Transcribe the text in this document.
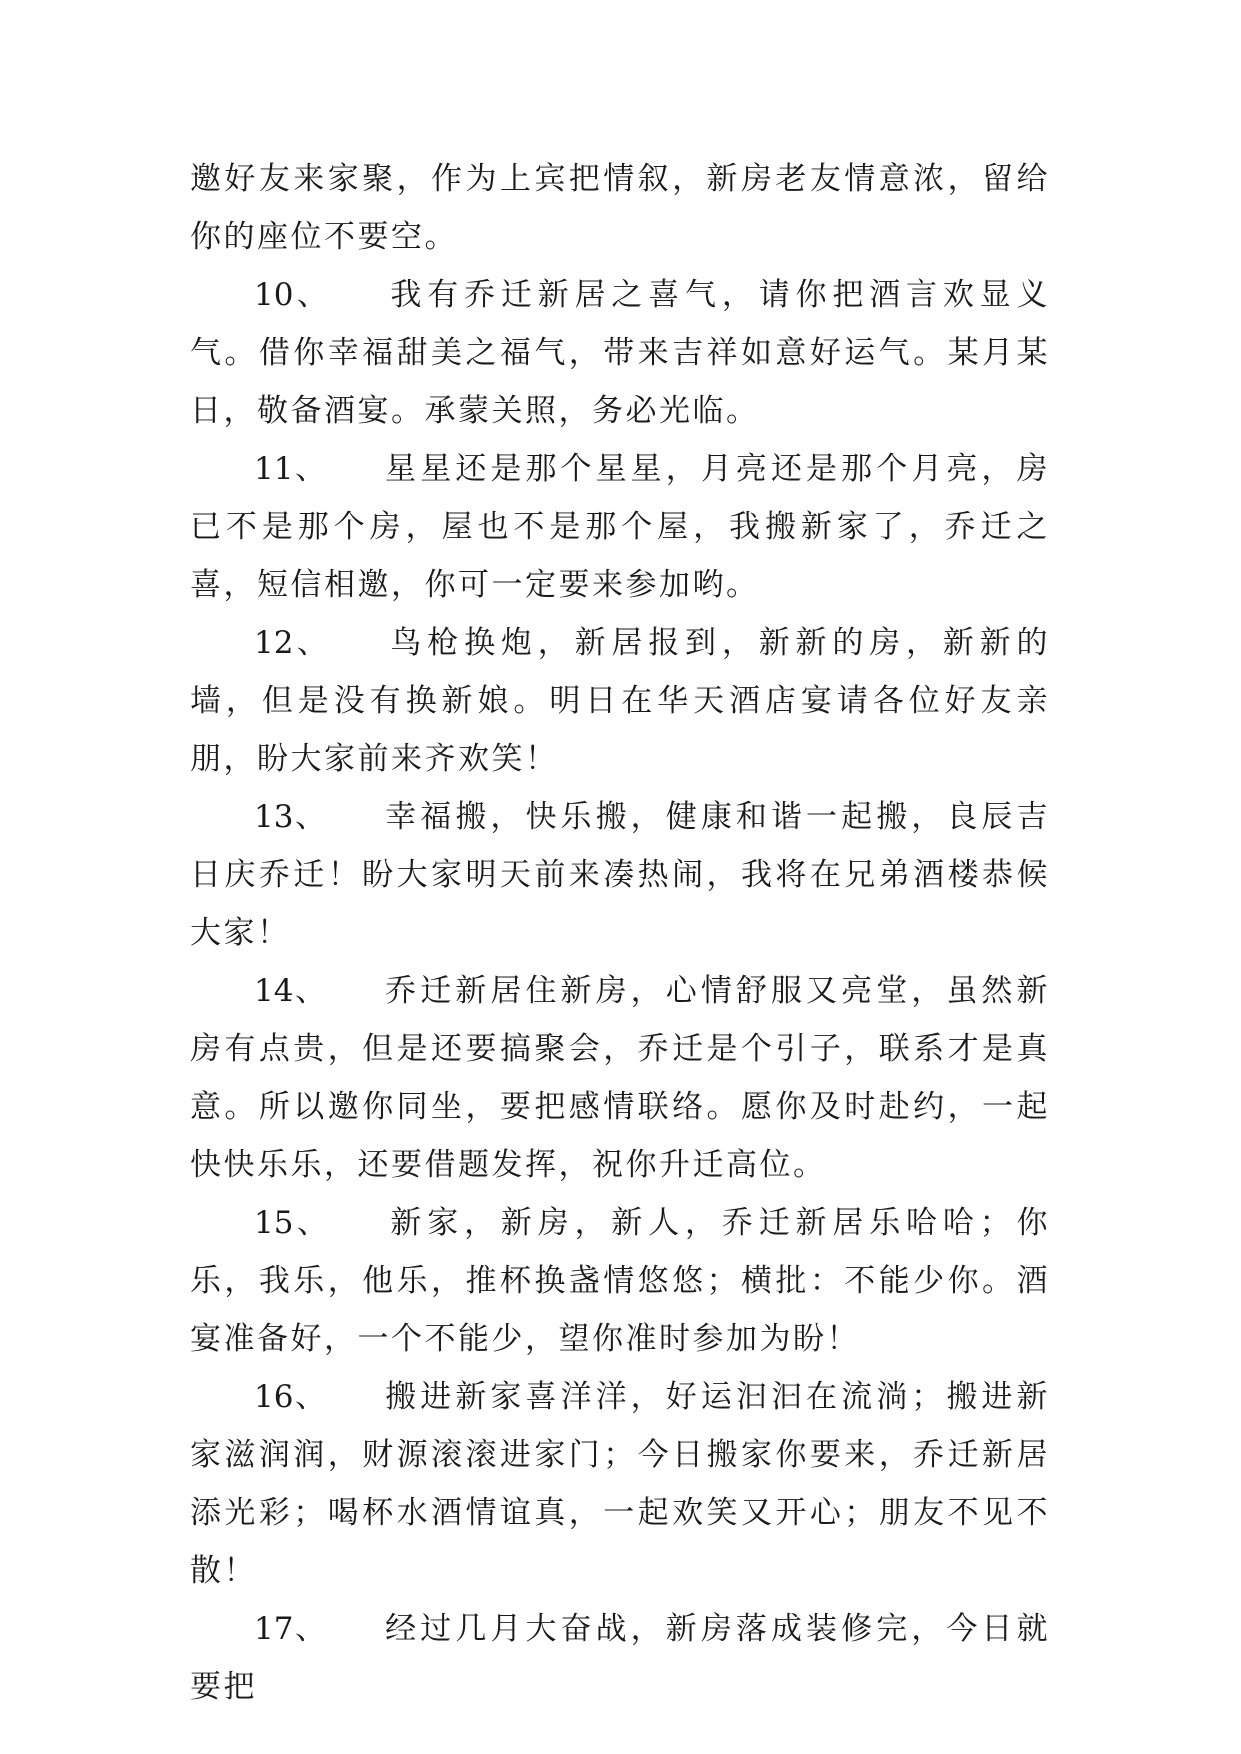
邀好友来家聚，作为上宾把情叙，新房老友情意浓，留给你的座位不要空。

10、 我有乔迁新居之喜气，请你把酒言欢显义气。借你幸福甜美之福气，带来吉祥如意好运气。某月某日，敬备酒宴。承蒙关照，务必光临。

11、 星星还是那个星星，月亮还是那个月亮，房已不是那个房，屋也不是那个屋，我搬新家了，乔迁之喜，短信相邀，你可一定要来参加哟。

12、 鸟枪换炮，新居报到，新新的房，新新的墙，但是没有换新娘。明日在华天酒店宴请各位好友亲朋，盼大家前来齐欢笑！

13、 幸福搬，快乐搬，健康和谐一起搬，良辰吉日庆乔迁！盼大家明天前来凑热闹，我将在兄弟酒楼恭候大家！

14、 乔迁新居住新房，心情舒服又亮堂，虽然新房有点贵，但是还要搞聚会，乔迁是个引子，联系才是真意。所以邀你同坐，要把感情联络。愿你及时赴约，一起快快乐乐，还要借题发挥，祝你升迁高位。

15、 新家，新房，新人，乔迁新居乐哈哈；你乐，我乐，他乐，推杯换盏情悠悠；横批：不能少你。酒宴准备好，一个不能少，望你准时参加为盼！

16、 搬进新家喜洋洋，好运汩汩在流淌；搬进新家滋润润，财源滚滚进家门；今日搬家你要来，乔迁新居添光彩；喝杯水酒情谊真，一起欢笑又开心；朋友不见不散！

17、 经过几月大奋战，新房落成装修完，今日就要把
